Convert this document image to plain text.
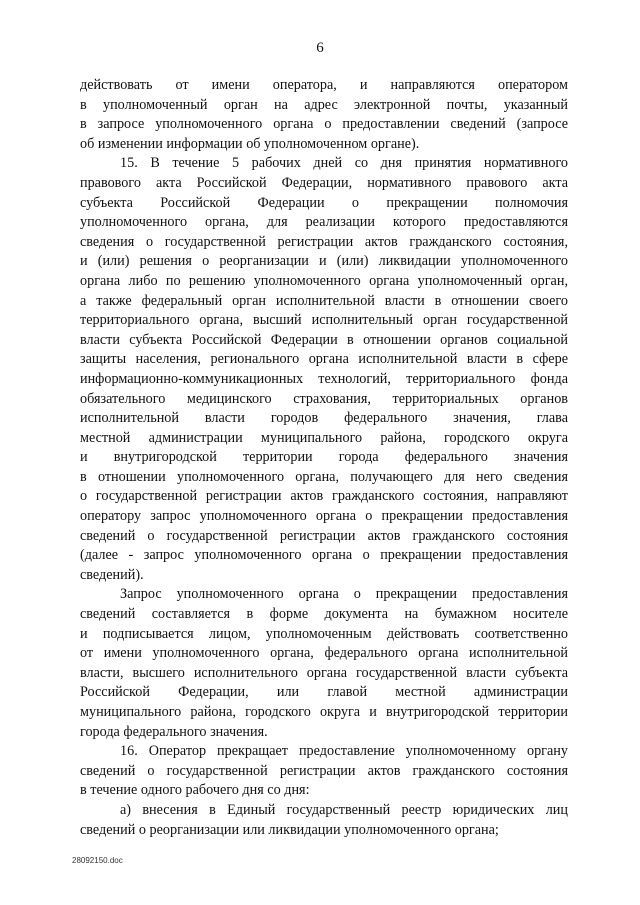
6

действовать от имени оператора, и направляются оператором
в уполномоченный орган на адрес электронной почты, указанный
в запросе уполномоченного органа о предоставлении сведений (запросе
об изменении информации об уполномоченном органе).

15. В течение 5 рабочих дней со дня принятия нормативного
правового акта Российской Федерации, нормативного правового акта
субъекта Российской Федерации о прекращении полномочия
уполномоченного органа, для реализации которого предоставляются
сведения о государственной регистрации актов гражданского состояния,
и (или) решения о реорганизации и (или) ликвидации уполномоченного
органа либо по решению уполномоченного органа уполномоченный орган,
а также федеральный орган исполнительной власти в отношении своего
территориального органа, высший исполнительный орган государственной
власти субъекта Российской Федерации в отношении органов социальной
защиты населения, регионального органа исполнительной власти в сфере
информационно-коммуникационных технологий, территориального фонда
обязательного медицинского страхования, территориальных органов
исполнительной власти городов федерального значения, глава
местной администрации муниципального района, городского округа
и внутригородской территории города федерального значения
в отношении уполномоченного органа, получающего для него сведения
о государственной регистрации актов гражданского состояния, направляют
оператору запрос уполномоченного органа о прекращении предоставления
сведений о государственной регистрации актов гражданского состояния
(далее - запрос уполномоченного органа о прекращении предоставления
сведений).

Запрос уполномоченного органа о прекращении предоставления
сведений составляется в форме документа на бумажном носителе
и подписывается лицом, уполномоченным действовать соответственно
от имени уполномоченного органа, федерального органа исполнительной
власти, высшего исполнительного органа государственной власти субъекта
Российской Федерации, или главой местной администрации
муниципального района, городского округа и внутригородской территории
города федерального значения.

16. Оператор прекращает предоставление уполномоченному органу
сведений о государственной регистрации актов гражданского состояния
в течение одного рабочего дня со дня:

а) внесения в Единый государственный реестр юридических лиц
сведений о реорганизации или ликвидации уполномоченного органа;

28092150.doc
